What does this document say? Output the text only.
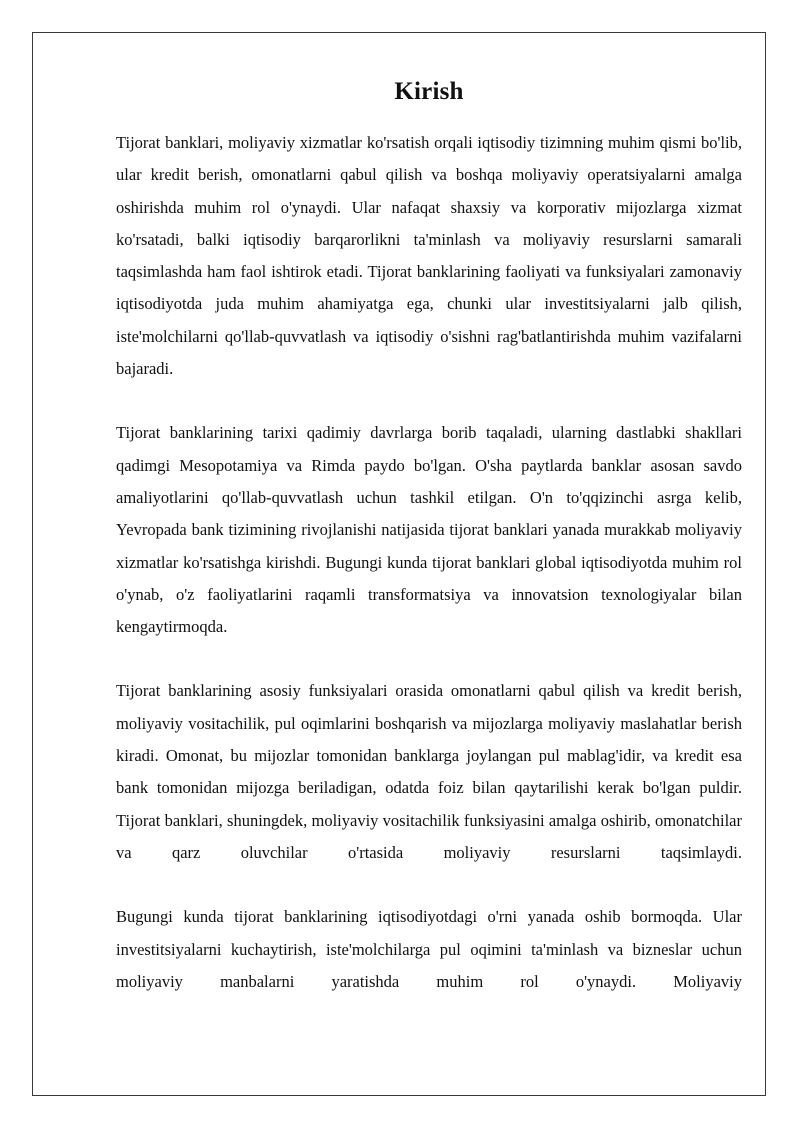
Kirish

Tijorat banklari, moliyaviy xizmatlar ko'rsatish orqali iqtisodiy tizimning muhim qismi bo'lib, ular kredit berish, omonatlarni qabul qilish va boshqa moliyaviy operatsiyalarni amalga oshirishda muhim rol o'ynaydi. Ular nafaqat shaxsiy va korporativ mijozlarga xizmat ko'rsatadi, balki iqtisodiy barqarorlikni ta'minlash va moliyaviy resurslarni samarali taqsimlashda ham faol ishtirok etadi. Tijorat banklarining faoliyati va funksiyalari zamonaviy iqtisodiyotda juda muhim ahamiyatga ega, chunki ular investitsiyalarni jalb qilish, iste'molchilarni qo'llab-quvvatlash va iqtisodiy o'sishni rag'batlantirishda muhim vazifalarni bajaradi.

Tijorat banklarining tarixi qadimiy davrlarga borib taqaladi, ularning dastlabki shakllari qadimgi Mesopotamiya va Rimda paydo bo'lgan. O'sha paytlarda banklar asosan savdo amaliyotlarini qo'llab-quvvatlash uchun tashkil etilgan. O'n to'qqizinchi asrga kelib, Yevropada bank tizimining rivojlanishi natijasida tijorat banklari yanada murakkab moliyaviy xizmatlar ko'rsatishga kirishdi. Bugungi kunda tijorat banklari global iqtisodiyotda muhim rol o'ynab, o'z faoliyatlarini raqamli transformatsiya va innovatsion texnologiyalar bilan kengaytirmoqda.

Tijorat banklarining asosiy funksiyalari orasida omonatlarni qabul qilish va kredit berish, moliyaviy vositachilik, pul oqimlarini boshqarish va mijozlarga moliyaviy maslahatlar berish kiradi. Omonat, bu mijozlar tomonidan banklarga joylangan pul mablag'idir, va kredit esa bank tomonidan mijozga beriladigan, odatda foiz bilan qaytarilishi kerak bo'lgan puldir. Tijorat banklari, shuningdek, moliyaviy vositachilik funksiyasini amalga oshirib, omonatchilar va qarz oluvchilar o'rtasida moliyaviy resurslarni taqsimlaydi.

Bugungi kunda tijorat banklarining iqtisodiyotdagi o'rni yanada oshib bormoqda. Ular investitsiyalarni kuchaytirish, iste'molchilarga pul oqimini ta'minlash va bizneslar uchun moliyaviy manbalarni yaratishda muhim rol o'ynaydi. Moliyaviy
